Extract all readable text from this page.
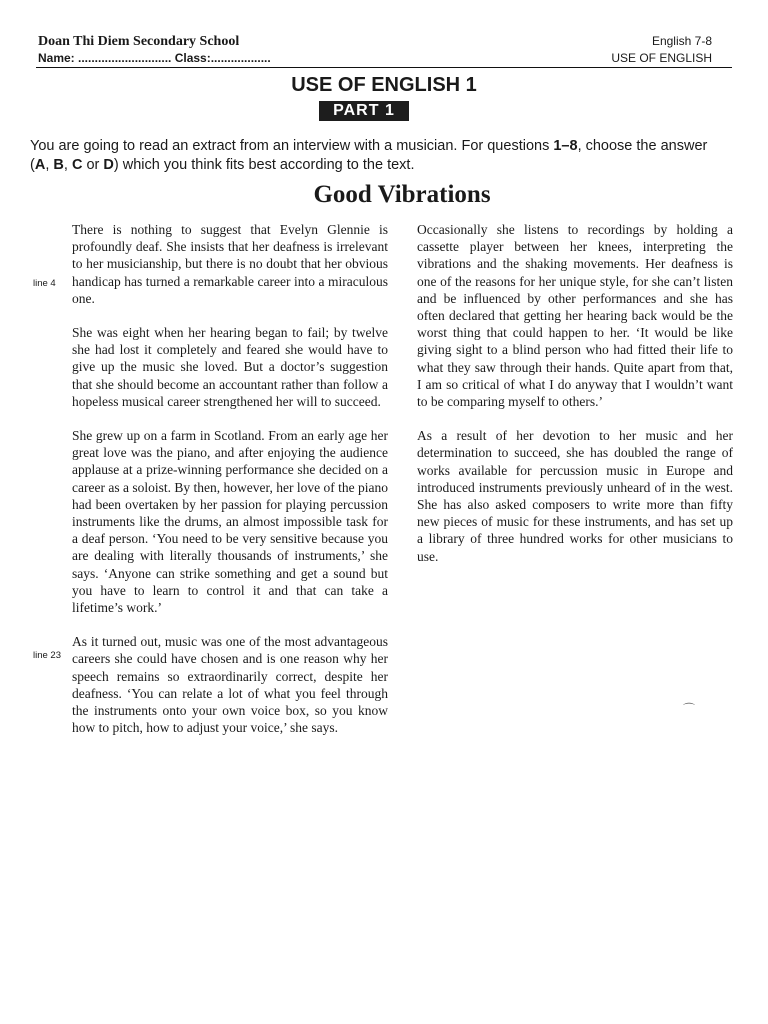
Doan Thi Diem Secondary School
Name: ............................ Class:..................
English 7-8
USE OF ENGLISH
USE OF ENGLISH 1
PART 1
You are going to read an extract from an interview with a musician. For questions 1–8, choose the answer (A, B, C or D) which you think fits best according to the text.
Good Vibrations
line 4
line 23

There is nothing to suggest that Evelyn Glennie is profoundly deaf. She insists that her deafness is irrelevant to her musicianship, but there is no doubt that her obvious handicap has turned a remarkable career into a miraculous one.

She was eight when her hearing began to fail; by twelve she had lost it completely and feared she would have to give up the music she loved. But a doctor’s suggestion that she should become an accountant rather than follow a hopeless musical career strengthened her will to succeed.

She grew up on a farm in Scotland. From an early age her great love was the piano, and after enjoying the audience applause at a prize-winning performance she decided on a career as a soloist. By then, however, her love of the piano had been overtaken by her passion for playing percussion instruments like the drums, an almost impossible task for a deaf person. ‘You need to be very sensitive because you are dealing with literally thousands of instruments,’ she says. ‘Anyone can strike something and get a sound but you have to learn to control it and that can take a lifetime’s work.’

As it turned out, music was one of the most advantageous careers she could have chosen and is one reason why her speech remains so extraordinarily correct, despite her deafness. ‘You can relate a lot of what you feel through the instruments onto your own voice box, so you know how to pitch, how to adjust your voice,’ she says.

Occasionally she listens to recordings by holding a cassette player between her knees, interpreting the vibrations and the shaking movements. Her deafness is one of the reasons for her unique style, for she can’t listen and be influenced by other performances and she has often declared that getting her hearing back would be the worst thing that could happen to her. ‘It would be like giving sight to a blind person who had fitted their life to what they saw through their hands. Quite apart from that, I am so critical of what I do anyway that I wouldn’t want to be comparing myself to others.’

As a result of her devotion to her music and her determination to succeed, she has doubled the range of works available for percussion music in Europe and introduced instruments previously unheard of in the west. She has also asked composers to write more than fifty new pieces of music for these instruments, and has set up a library of three hundred works for other musicians to use.

⌒
